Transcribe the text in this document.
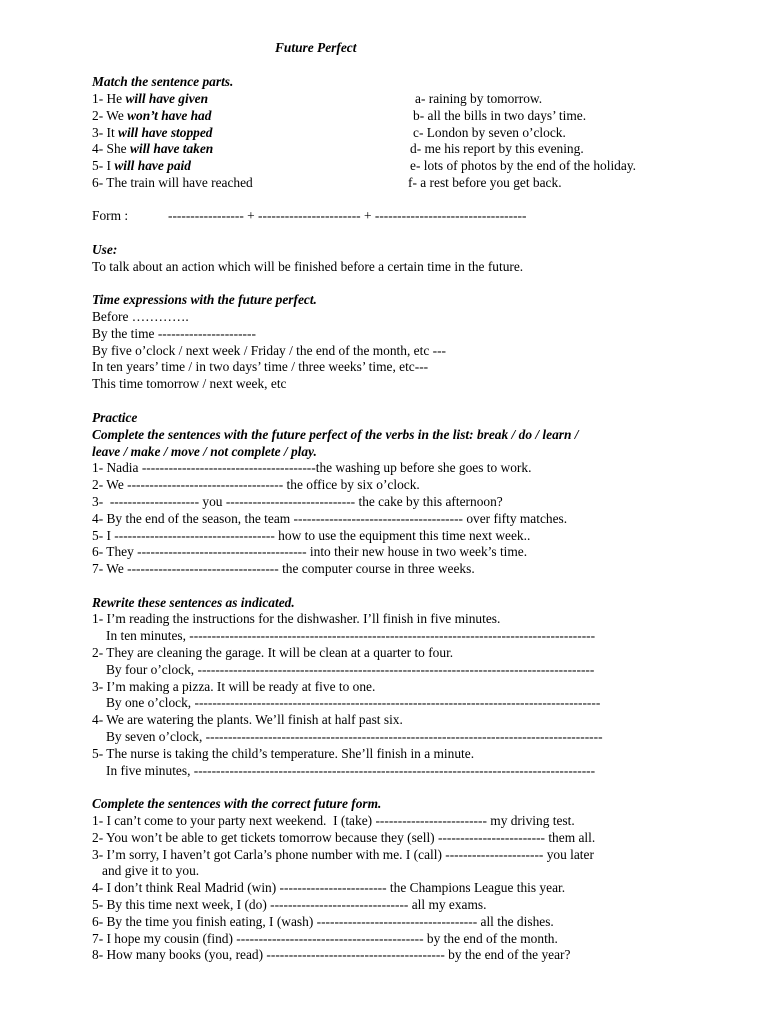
Future Perfect
Match the sentence parts.
1- He will have given
2- We won’t have had
3- It will have stopped
4- She will have taken
5- I will have paid
6- The train will have reached
a- raining by tomorrow.
b- all the bills in two days’ time.
c- London by seven o’clock.
d- me his report by this evening.
e- lots of photos by the end of the holiday.
f- a rest before you get back.
Form :	----------------- + ----------------------- + ----------------------------------
Use:
To talk about an action which will be finished before a certain time in the future.
Time expressions with the future perfect.
Before ………….
By the time ----------------------
By five o’clock / next week / Friday / the end of the month, etc ---
In ten years’ time / in two days’ time / three weeks’ time, etc---
This time tomorrow / next week, etc
Practice
Complete the sentences with the future perfect of the verbs in the list: break / do / learn /
leave / make / move / not complete / play.
1- Nadia ---------------------------------------the washing up before she goes to work.
2- We ----------------------------------- the office by six o’clock.
3-  -------------------- you ----------------------------- the cake by this afternoon?
4- By the end of the season, the team -------------------------------------- over fifty matches.
5- I ------------------------------------ how to use the equipment this time next week..
6- They -------------------------------------- into their new house in two week’s time.
7- We ---------------------------------- the computer course in three weeks.
Rewrite these sentences as indicated.
1- I’m reading the instructions for the dishwasher. I’ll finish in five minutes.
In ten minutes, -------------------------------------------------------------------------------------------
2- They are cleaning the garage. It will be clean at a quarter to four.
By four o’clock, -----------------------------------------------------------------------------------------
3- I’m making a pizza. It will be ready at five to one.
By one o’clock, -------------------------------------------------------------------------------------------
4- We are watering the plants. We’ll finish at half past six.
By seven o’clock, -----------------------------------------------------------------------------------------
5- The nurse is taking the child’s temperature. She’ll finish in a minute.
In five minutes, ------------------------------------------------------------------------------------------
Complete the sentences with the correct future form.
1- I can’t come to your party next weekend.  I (take) ------------------------- my driving test.
2- You won’t be able to get tickets tomorrow because they (sell) ------------------------ them all.
3- I’m sorry, I haven’t got Carla’s phone number with me. I (call) ---------------------- you later
and give it to you.
4- I don’t think Real Madrid (win) ------------------------ the Champions League this year.
5- By this time next week, I (do) ------------------------------- all my exams.
6- By the time you finish eating, I (wash) ------------------------------------ all the dishes.
7- I hope my cousin (find) ------------------------------------------ by the end of the month.
8- How many books (you, read) ---------------------------------------- by the end of the year?
